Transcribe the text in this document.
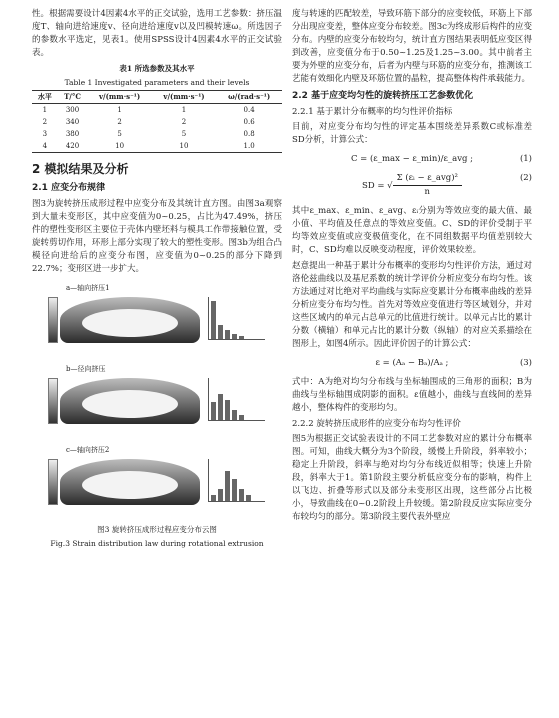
性。根据需要设计4因素4水平的正交试验，选用工艺参数：挤压温度T、轴向进给速度v、径向进给速度v以及凹模转速ω。所选因子的参数水平选定，见表1。使用SPSS设计4因素4水平的正交试验表。

表1 所选参数及其水平
Table 1 Investigated parameters and their levels
水平	T/°C	v/(mm·s⁻¹)	v/(mm·s⁻¹)	ω/(rad·s⁻¹)
1	300	1	1	0.4
2	340	2	2	0.6
3	380	5	5	0.8
4	420	10	10	1.0
2 模拟结果及分析
2.1 应变分布规律

图3为旋转挤压成形过程中应变分布及其统计直方图。由图3a观察到大量未变形区，其中应变值为0~0.25，占比为47.49%，挤压件的塑性变形区主要位于壳体内壁坯料与模具工作带接触位置，受旋转剪切作用，环形上部分实现了较大的塑性变形。图3b为组合凸模径向进给后的应变分布图，应变值为0~0.25的部分下降到22.7%；变形区进一步扩大。

a—轴向挤压1
b—径向挤压
c—轴向挤压2
图3 旋转挤压成形过程应变分布云图
Fig.3 Strain distribution law during rotational extrusion

度与转速的匹配较差，导致环筋下部分的应变较低，环筋上下部分出现应变差，整体应变分布较差。图3c为终成形后构件的应变分布。内壁的应变分布较均匀，统计直方图结果表明低应变区得到改善，应变值分布于0.50~1.25及1.25~3.00。其中前者主要为外壁的应变分布，后者为内壁与环筋的应变分布，推测该工艺能有效细化内壁及环筋位置的晶粒，提高整体构件承载能力。

2.2 基于应变均匀性的旋转挤压工艺参数优化
2.2.1 基于累计分布概率的均匀性评价指标

目前，对应变分布均匀性的评定基本围绕差异系数C或标准差SD分析，计算公式：

C = (ε_max − ε_min)/ε_avg ;	(1)
SD = √
Σ (εᵢ − ε_avg)²
n
(2)

其中ε_max、ε_min、ε_avg、εᵢ分别为等效应变的最大值、最小值、平均值及任意点的等效应变值。C、SD的评价受制于平均等效应变值或应变极值变化，在不同组数据平均值差别较大时，C、SD均难以反映变动程度，评价效果较差。

赵意提出一种基于累计分布概率的变形均匀性评价方法，通过对洛伦兹曲线以及基尼系数的统计学评价分析应变分布均匀性。该方法通过对比绝对平均曲线与实际应变累计分布概率曲线的差异分析应变分布均匀性。首先对等效应变值进行等区域划分，并对这些区域内的单元占总单元的比值进行统计。以单元占比的累计分数（横轴）和单元占比的累计分数（纵轴）的对应关系描绘在图形上，如图4所示。因此评价因子的计算公式：

ε = (Aₐ − Bₐ)/Aₐ ;	(3)

式中：A为绝对均匀分布线与坐标轴围成的三角形的面积；B为曲线与坐标轴围成阴影的面积。ε值越小，曲线与直线间的差异越小，整体构件的变形均匀。

2.2.2 旋转挤压成形件的应变分布均匀性评价

图5为根据正交试验表设计的不同工艺参数对应的累计分布概率图。可知，曲线大概分为3个阶段，缓慢上升阶段，斜率较小；稳定上升阶段，斜率与绝对均匀分布线近似相等；快速上升阶段，斜率大于1。第1阶段主要分析低应变分布的影响，构件上以飞边、折叠等形式以及部分未变形区出现，这些部分占比极小，导致曲线在0~0.2阶段上升较缓。第2阶段反应实际应变分布较均匀的部分。第3阶段主要代表外壁应
